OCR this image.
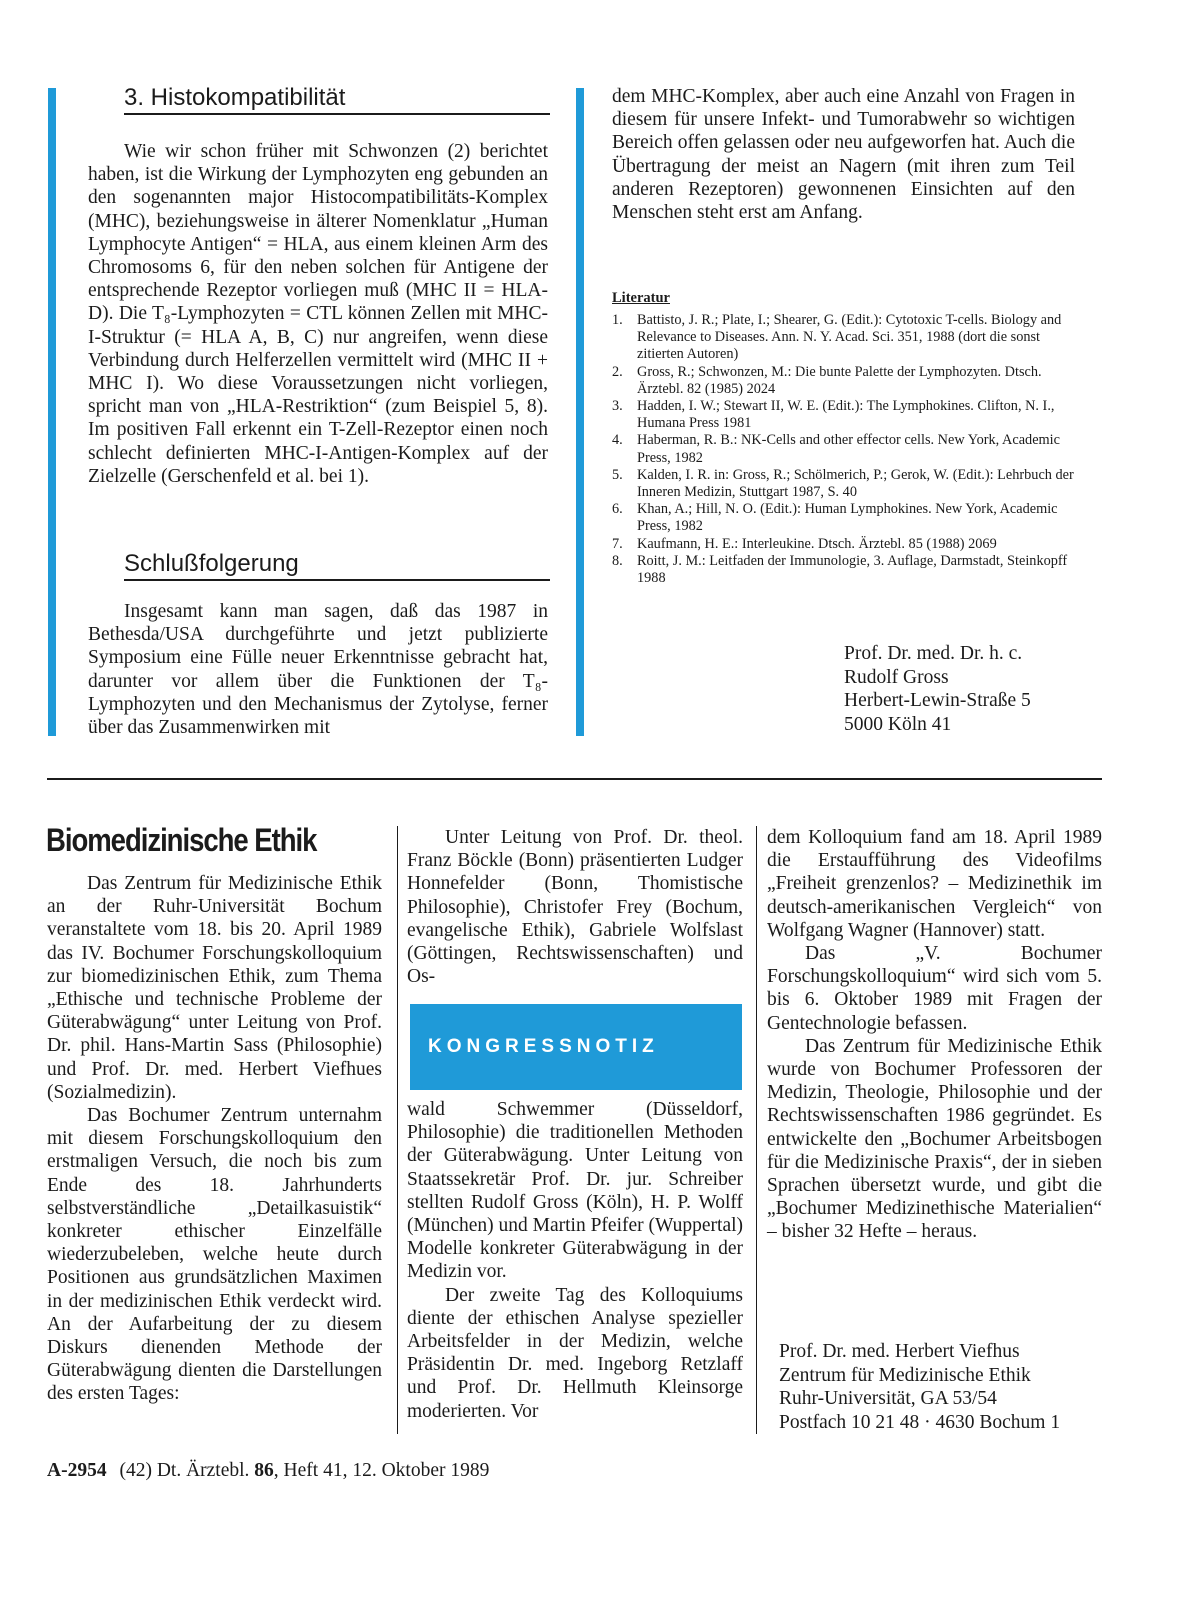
3. Histokompatibilität

Wie wir schon früher mit Schwonzen (2) berichtet haben, ist die Wirkung der Lymphozyten eng gebunden an den sogenannten major Histocompatibilitäts-Komplex (MHC), beziehungsweise in älterer Nomenklatur „Human Lymphocyte Antigen“ = HLA, aus einem kleinen Arm des Chromosoms 6, für den neben solchen für Antigene der entsprechende Rezeptor vorliegen muß (MHC II = HLA-D). Die T₈-Lymphozyten = CTL können Zellen mit MHC-I-Struktur (= HLA A, B, C) nur angreifen, wenn diese Verbindung durch Helferzellen vermittelt wird (MHC II + MHC I). Wo diese Voraussetzungen nicht vorliegen, spricht man von „HLA-Restriktion“ (zum Beispiel 5, 8). Im positiven Fall erkennt ein T-Zell-Rezeptor einen noch schlecht definierten MHC-I-Antigen-Komplex auf der Zielzelle (Gerschenfeld et al. bei 1).

Schlußfolgerung

Insgesamt kann man sagen, daß das 1987 in Bethesda/USA durchgeführte und jetzt publizierte Symposium eine Fülle neuer Erkenntnisse gebracht hat, darunter vor allem über die Funktionen der T₈-Lymphozyten und den Mechanismus der Zytolyse, ferner über das Zusammenwirken mit

dem MHC-Komplex, aber auch eine Anzahl von Fragen in diesem für unsere Infekt- und Tumorabwehr so wichtigen Bereich offen gelassen oder neu aufgeworfen hat. Auch die Übertragung der meist an Nagern (mit ihren zum Teil anderen Rezeptoren) gewonnenen Einsichten auf den Menschen steht erst am Anfang.

Literatur
1. Battisto, J. R.; Plate, I.; Shearer, G. (Edit.): Cytotoxic T-cells. Biology and Relevance to Diseases. Ann. N. Y. Acad. Sci. 351, 1988 (dort die sonst zitierten Autoren)
2. Gross, R.; Schwonzen, M.: Die bunte Palette der Lymphozyten. Dtsch. Ärztebl. 82 (1985) 2024
3. Hadden, I. W.; Stewart II, W. E. (Edit.): The Lymphokines. Clifton, N. I., Humana Press 1981
4. Haberman, R. B.: NK-Cells and other effector cells. New York, Academic Press, 1982
5. Kalden, I. R. in: Gross, R.; Schölmerich, P.; Gerok, W. (Edit.): Lehrbuch der Inneren Medizin, Stuttgart 1987, S. 40
6. Khan, A.; Hill, N. O. (Edit.): Human Lymphokines. New York, Academic Press, 1982
7. Kaufmann, H. E.: Interleukine. Dtsch. Ärztebl. 85 (1988) 2069
8. Roitt, J. M.: Leitfaden der Immunologie, 3. Auflage, Darmstadt, Steinkopff 1988
Prof. Dr. med. Dr. h. c.
Rudolf Gross
Herbert-Lewin-Straße 5
5000 Köln 41
Biomedizinische Ethik

Das Zentrum für Medizinische Ethik an der Ruhr-Universität Bochum veranstaltete vom 18. bis 20. April 1989 das IV. Bochumer Forschungskolloquium zur biomedizinischen Ethik, zum Thema „Ethische und technische Probleme der Güterabwägung“ unter Leitung von Prof. Dr. phil. Hans-Martin Sass (Philosophie) und Prof. Dr. med. Herbert Viefhues (Sozialmedizin).

Das Bochumer Zentrum unternahm mit diesem Forschungskolloquium den erstmaligen Versuch, die noch bis zum Ende des 18. Jahrhunderts selbstverständliche „Detailkasuistik“ konkreter ethischer Einzelfälle wiederzubeleben, welche heute durch Positionen aus grundsätzlichen Maximen in der medizinischen Ethik verdeckt wird. An der Aufarbeitung der zu diesem Diskurs dienenden Methode der Güterabwägung dienten die Darstellungen des ersten Tages:

Unter Leitung von Prof. Dr. theol. Franz Böckle (Bonn) präsentierten Ludger Honnefelder (Bonn, Thomistische Philosophie), Christofer Frey (Bochum, evangelische Ethik), Gabriele Wolfslast (Göttingen, Rechtswissenschaften) und Os-

KONGRESSNOTIZ

wald Schwemmer (Düsseldorf, Philosophie) die traditionellen Methoden der Güterabwägung. Unter Leitung von Staatssekretär Prof. Dr. jur. Schreiber stellten Rudolf Gross (Köln), H. P. Wolff (München) und Martin Pfeifer (Wuppertal) Modelle konkreter Güterabwägung in der Medizin vor.

Der zweite Tag des Kolloquiums diente der ethischen Analyse spezieller Arbeitsfelder in der Medizin, welche Präsidentin Dr. med. Ingeborg Retzlaff und Prof. Dr. Hellmuth Kleinsorge moderierten. Vor

dem Kolloquium fand am 18. April 1989 die Erstaufführung des Videofilms „Freiheit grenzenlos? – Medizinethik im deutsch-amerikanischen Vergleich“ von Wolfgang Wagner (Hannover) statt.

Das „V. Bochumer Forschungskolloquium“ wird sich vom 5. bis 6. Oktober 1989 mit Fragen der Gentechnologie befassen.

Das Zentrum für Medizinische Ethik wurde von Bochumer Professoren der Medizin, Theologie, Philosophie und der Rechtswissenschaften 1986 gegründet. Es entwickelte den „Bochumer Arbeitsbogen für die Medizinische Praxis“, der in sieben Sprachen übersetzt wurde, und gibt die „Bochumer Medizinethische Materialien“ – bisher 32 Hefte – heraus.

Prof. Dr. med. Herbert Viefhus
Zentrum für Medizinische Ethik
Ruhr-Universität, GA 53/54
Postfach 10 21 48 · 4630 Bochum 1
A-2954 (42) Dt. Ärztebl. 86, Heft 41, 12. Oktober 1989
